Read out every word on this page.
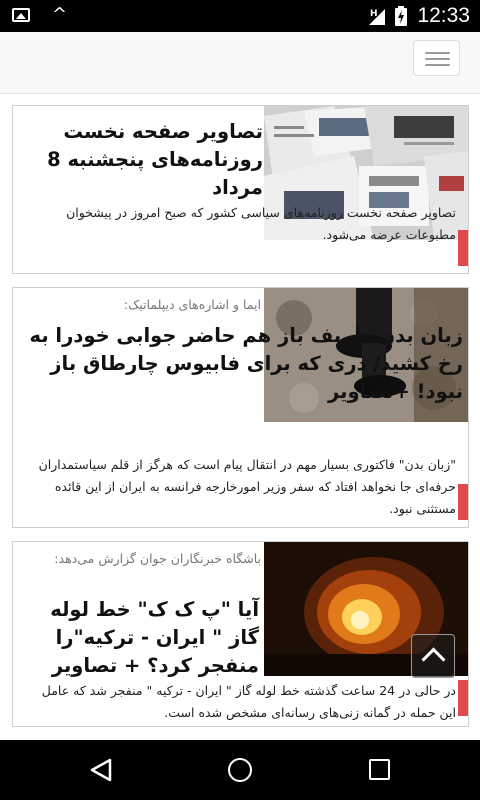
^	H 12:33
تصاویر صفحه نخست روزنامه‌های پنجشنبه 8 مرداد
تصاویر صفحه نخست روزنامه‌های سیاسی کشور که صبح امروز در پیشخوان مطبوعات عرضه می‌شود.
ایما و اشاره‌های دیپلماتیک:
زبان بدن ظریف باز هم حاضر جوابی خودرا به رخ کشید/ دری که برای فابیوس چارطاق باز نبود! +تصاویر
"زبان بدن" فاکتوری بسیار مهم در انتقال پیام است که هرگز از قلم سیاستمداران حرفه‌ای جا نخواهد افتاد که سفر وزیر امورخارجه فرانسه به ایران از این قائده مستثنی نبود.
باشگاه خبرنگاران جوان گزارش می‌دهد:
آیا "پ ک ک" خط لوله گاز " ایران - ترکیه"را منفجر کرد؟ + تصاویر
در حالی در 24 ساعت گذشته خط لوله گاز " ایران - ترکیه " منفجر شد که عامل این حمله در گمانه زنی‌های رسانه‌ای مشخص شده است.
